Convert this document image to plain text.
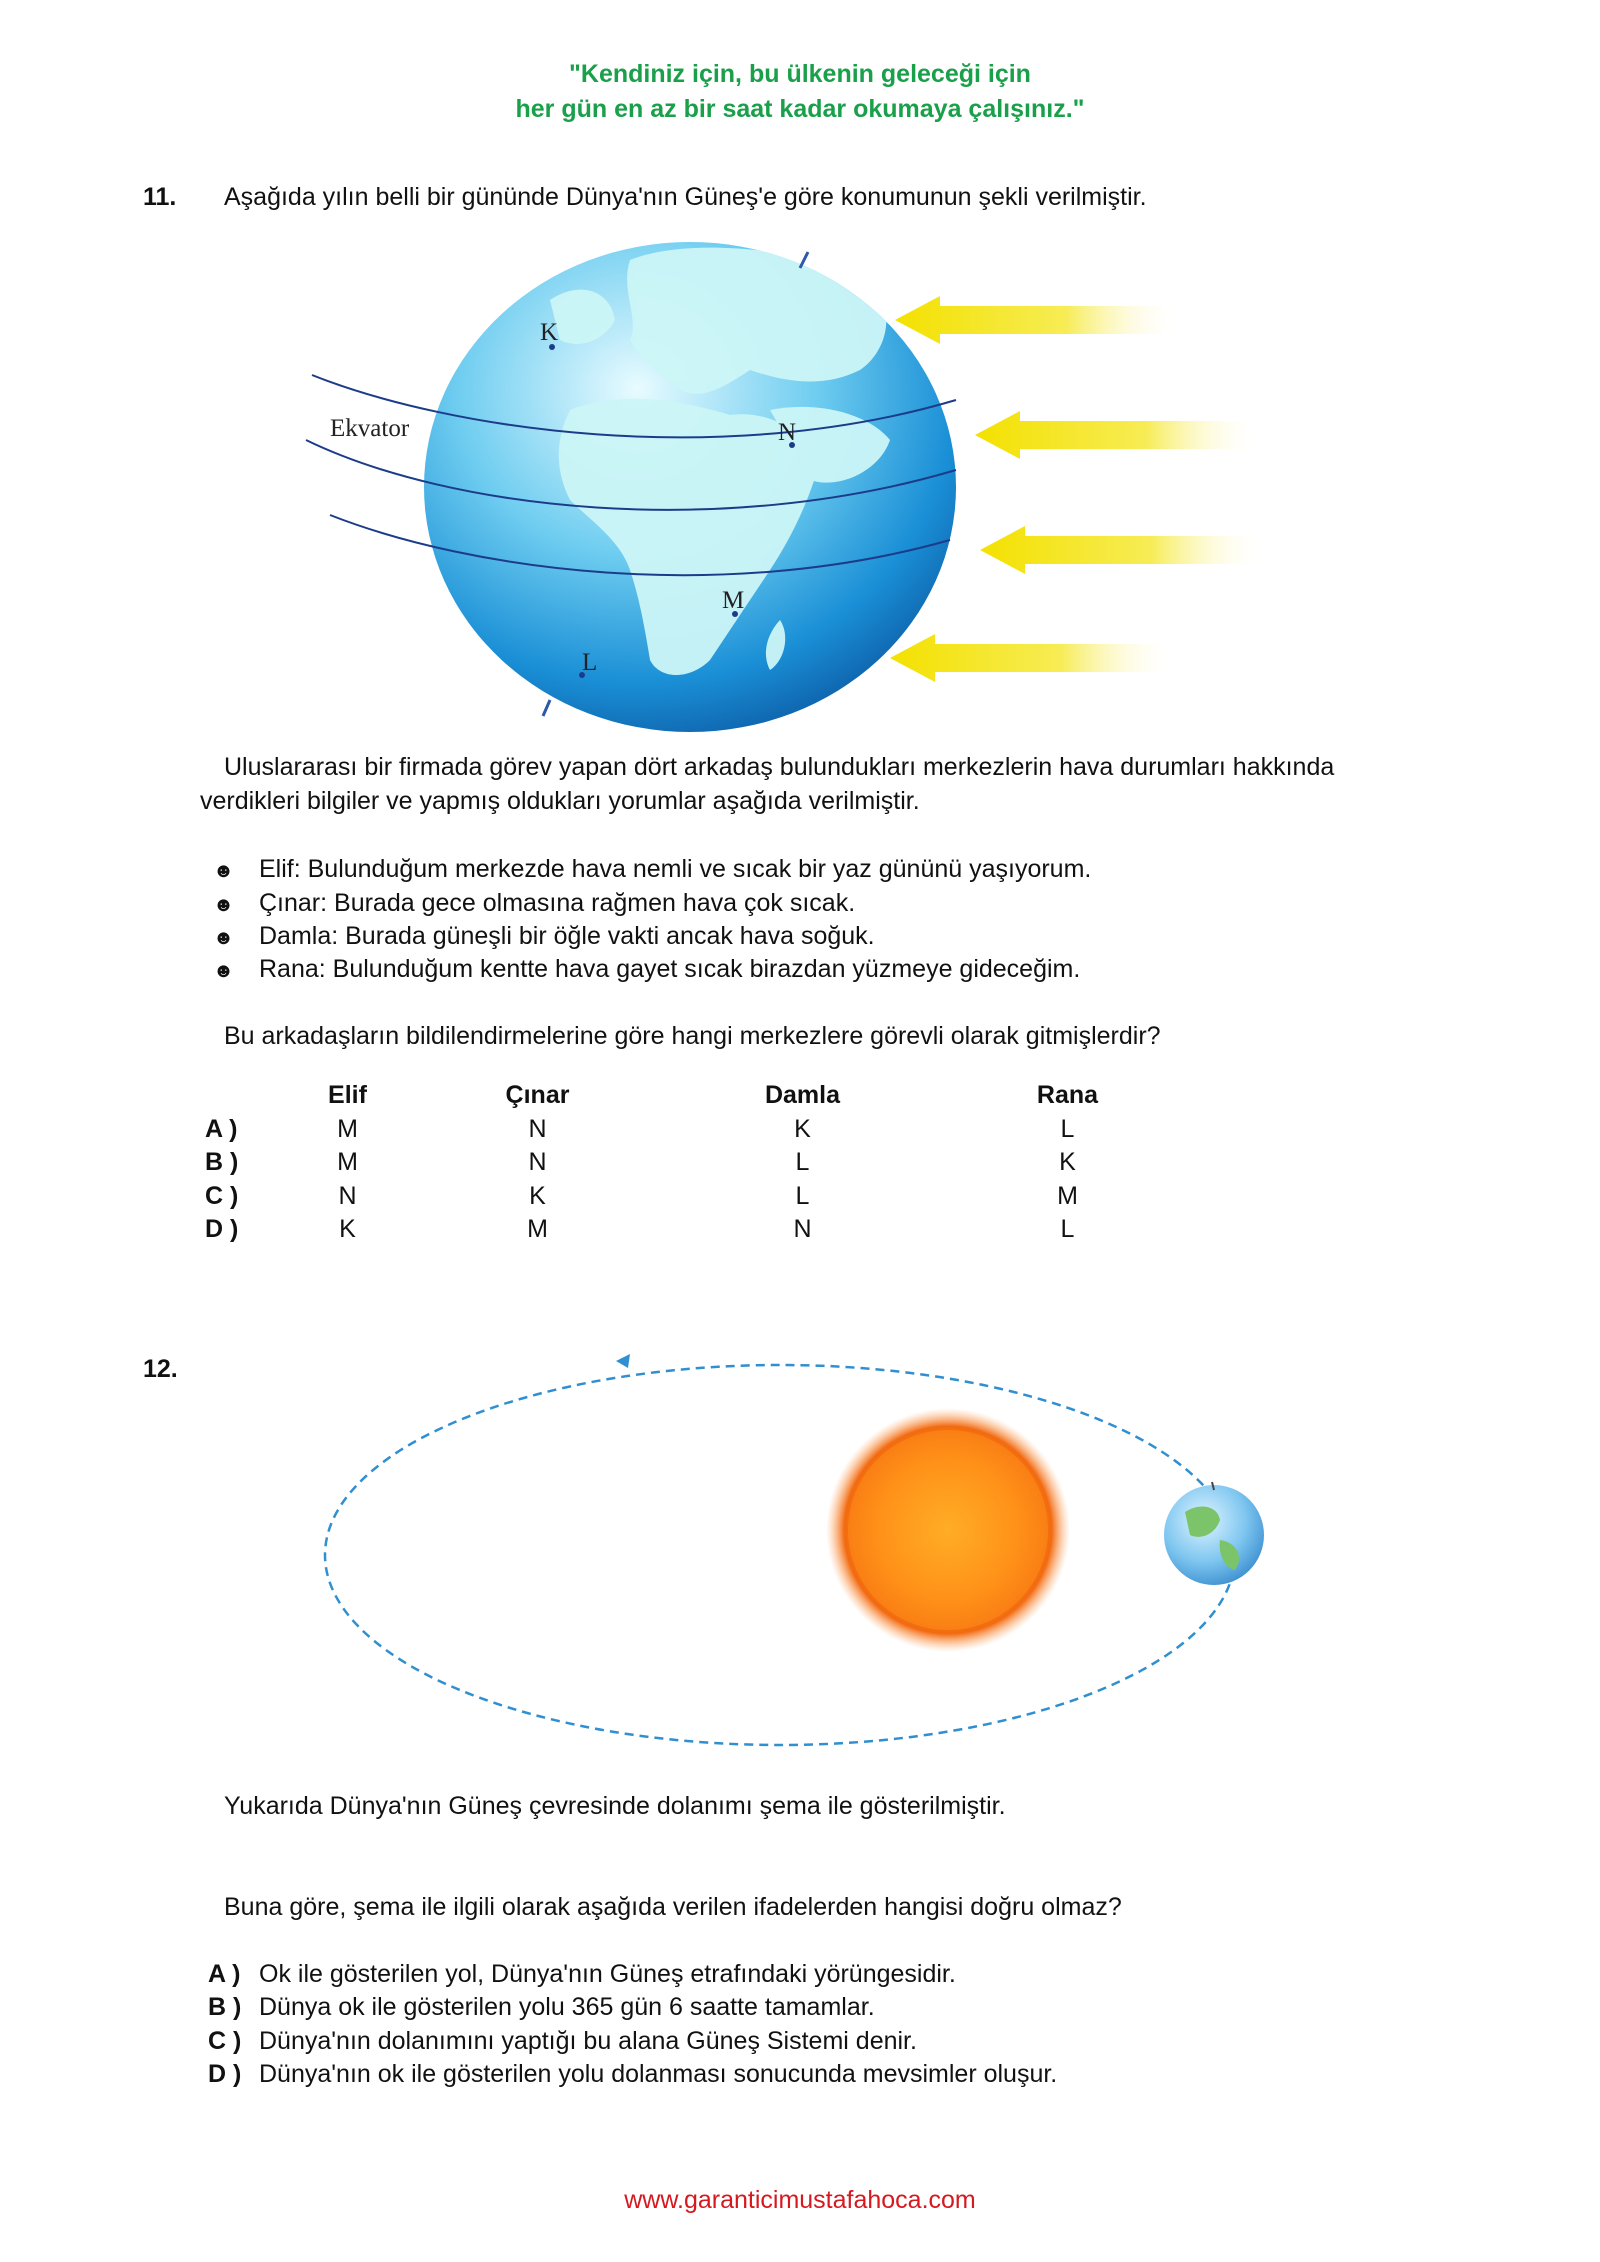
"Kendiniz için, bu ülkenin geleceği için
her gün en az bir saat kadar okumaya çalışınız."
11. Aşağıda yılın belli bir gününde Dünya'nın Güneş'e göre konumunun şekli verilmiştir.
K
N
M
L
Ekvator
Uluslararası bir firmada görev yapan dört arkadaş bulundukları merkezlerin hava durumları hakkında
verdikleri bilgiler ve yapmış oldukları yorumlar aşağıda verilmiştir.
☻ Elif: Bulunduğum merkezde hava nemli ve sıcak bir yaz gününü yaşıyorum.
☻ Çınar: Burada gece olmasına rağmen hava çok sıcak.
☻ Damla: Burada güneşli bir öğle vakti ancak hava soğuk.
☻ Rana: Bulunduğum kentte hava gayet sıcak birazdan yüzmeye gideceğim.
Bu arkadaşların bildilendirmelerine göre hangi merkezlere görevli olarak gitmişlerdir?
	Elif	Çınar	Damla	Rana
A )	M	N	K	L
B )	M	N	L	K
C )	N	K	L	M
D )	K	M	N	L
12.
Yukarıda Dünya'nın Güneş çevresinde dolanımı şema ile gösterilmiştir.
Buna göre, şema ile ilgili olarak aşağıda verilen ifadelerden hangisi doğru olmaz?
A ) Ok ile gösterilen yol, Dünya'nın Güneş etrafındaki yörüngesidir.
B ) Dünya ok ile gösterilen yolu 365 gün 6 saatte tamamlar.
C ) Dünya'nın dolanımını yaptığı bu alana Güneş Sistemi denir.
D ) Dünya'nın ok ile gösterilen yolu dolanması sonucunda mevsimler oluşur.
www.garanticimustafahoca.com
